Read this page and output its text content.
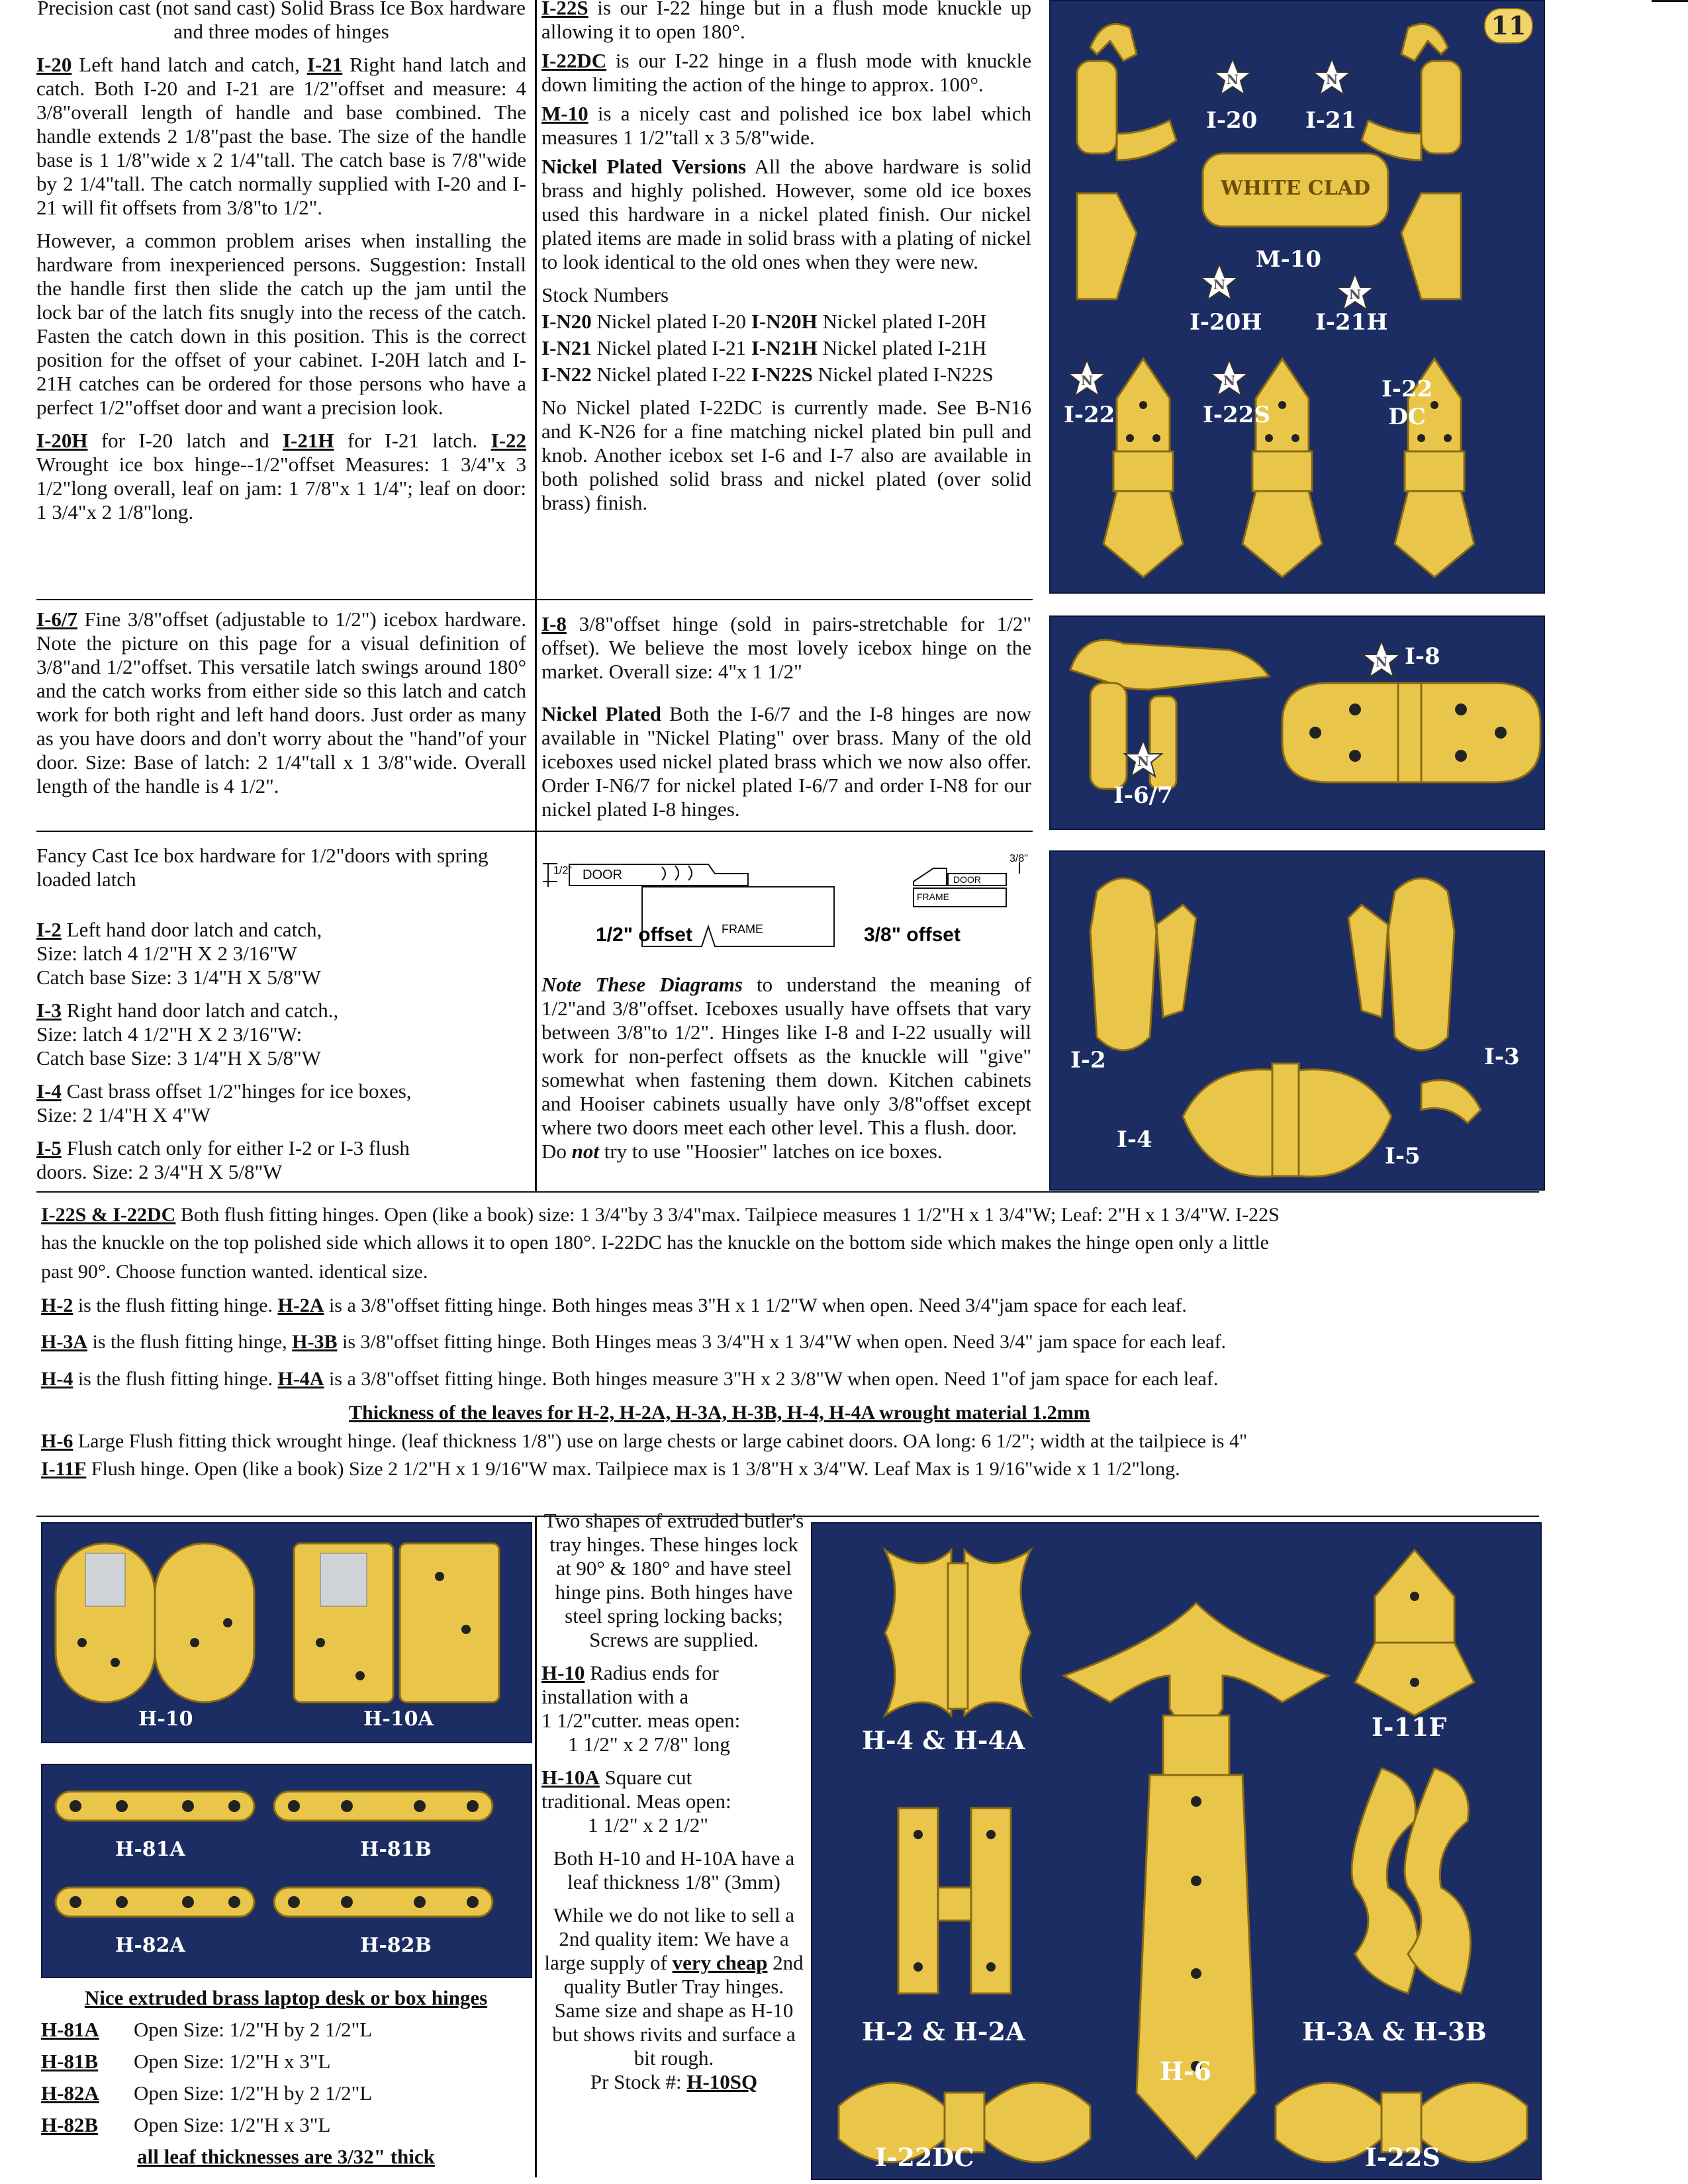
Precision cast (not sand cast) Solid Brass Ice Box hardware and three modes of hinges

I-20 Left hand latch and catch, I-21 Right hand latch and catch. Both I-20 and I-21 are 1/2"offset and measure: 4 3/8"overall length of handle and base combined. The handle extends 2 1/8"past the base. The size of the handle base is 1 1/8"wide x 2 1/4"tall. The catch base is 7/8"wide by 2 1/4"tall. The catch normally supplied with I-20 and I-21 will fit offsets from 3/8"to 1/2".

However, a common problem arises when installing the hardware from inexperienced persons. Suggestion: Install the handle first then slide the catch up the jam until the lock bar of the latch fits snugly into the recess of the catch. Fasten the catch down in this position. This is the correct position for the offset of your cabinet. I-20H latch and I-21H catches can be ordered for those persons who have a perfect 1/2"offset door and want a precision look.

I-20H for I-20 latch and I-21H for I-21 latch. I-22 Wrought ice box hinge--1/2"offset Measures: 1 3/4"x 3 1/2"long overall, leaf on jam: 1 7/8"x 1 1/4"; leaf on door: 1 3/4"x 2 1/8"long.

I-6/7 Fine 3/8"offset (adjustable to 1/2") icebox hardware. Note the picture on this page for a visual definition of 3/8"and 1/2"offset. This versatile latch swings around 180° and the catch works from either side so this latch and catch work for both right and left hand doors. Just order as many as you have doors and don't worry about the "hand"of your door. Size: Base of latch: 2 1/4"tall x 1 3/8"wide. Overall length of the handle is 4 1/2".

Fancy Cast Ice box hardware for 1/2"doors with spring loaded latch

I-2 Left hand door latch and catch,
Size: latch 4 1/2"H X 2 3/16"W
Catch base Size: 3 1/4"H X 5/8"W

I-3 Right hand door latch and catch.,
Size: latch 4 1/2"H X 2 3/16"W:
Catch base Size: 3 1/4"H X 5/8"W

I-4 Cast brass offset 1/2"hinges for ice boxes,
Size: 2 1/4"H X 4"W

I-5 Flush catch only for either I-2 or I-3 flush
doors. Size: 2 3/4"H X 5/8"W

I-22S is our I-22 hinge but in a flush mode knuckle up allowing it to open 180°.

I-22DC is our I-22 hinge in a flush mode with knuckle down limiting the action of the hinge to approx. 100°.

M-10 is a nicely cast and polished ice box label which measures 1 1/2"tall x 3 5/8"wide.

Nickel Plated Versions All the above hardware is solid brass and highly polished. However, some old ice boxes used this hardware in a nickel plated finish. Our nickel plated items are made in solid brass with a plating of nickel to look identical to the old ones when they were new.

Stock Numbers

I-N20 Nickel plated I-20 I-N20H Nickel plated I-20H
I-N21 Nickel plated I-21 I-N21H Nickel plated I-21H
I-N22 Nickel plated I-22 I-N22S Nickel plated I-N22S

No Nickel plated I-22DC is currently made. See B-N16 and K-N26 for a fine matching nickel plated bin pull and knob. Another icebox set I-6 and I-7 also are available in both polished solid brass and nickel plated (over solid brass) finish.

I-8 3/8"offset hinge (sold in pairs-stretchable for 1/2" offset). We believe the most lovely icebox hinge on the market. Overall size: 4"x 1 1/2"

Nickel Plated Both the I-6/7 and the I-8 hinges are now available in "Nickel Plating" over brass. Many of the old iceboxes used nickel plated brass which we now also offer. Order I-N6/7 for nickel plated I-6/7 and order I-N8 for our nickel plated I-8 hinges.

1/2" DOOR
FRAME
DOOR
FRAME
3/8"
1/2" offset	3/8" offset

Note These Diagrams to understand the meaning of 1/2"and 3/8"offset. Iceboxes usually have offsets that vary between 3/8"to 1/2". Hinges like I-8 and I-22 usually will work for non-perfect offsets as the knuckle will "give" somewhat when fastening them down. Kitchen cabinets and Hooiser cabinets usually have only 3/8"offset except where two doors meet each other level. This a flush. door.

Do not try to use "Hoosier" latches on ice boxes.

11
WHITE CLAD
I-20 I-21
M-10
I-20H I-21H
I-22	I-22S
I-22
DC
N	N
N
N
N	N
N
N
I-8
I-6/7
I-2	I-3
I-4
I-5
I-22S & I-22DC Both flush fitting hinges. Open (like a book) size: 1 3/4"by 3 3/4"max. Tailpiece measures 1 1/2"H x 1 3/4"W; Leaf: 2"H x 1 3/4"W. I-22S
has the knuckle on the top polished side which allows it to open 180°. I-22DC has the knuckle on the bottom side which makes the hinge open only a little
past 90°. Choose function wanted. identical size.
H-2 is the flush fitting hinge. H-2A is a 3/8"offset fitting hinge. Both hinges meas 3"H x 1 1/2"W when open. Need 3/4"jam space for each leaf.
H-3A is the flush fitting hinge, H-3B is 3/8"offset fitting hinge. Both Hinges meas 3 3/4"H x 1 3/4"W when open. Need 3/4" jam space for each leaf.
H-4 is the flush fitting hinge. H-4A is a 3/8"offset fitting hinge. Both hinges measure 3"H x 2 3/8"W when open. Need 1"of jam space for each leaf.
Thickness of the leaves for H-2, H-2A, H-3A, H-3B, H-4, H-4A wrought material 1.2mm
H-6 Large Flush fitting thick wrought hinge. (leaf thickness 1/8") use on large chests or large cabinet doors. OA long: 6 1/2"; width at the tailpiece is 4"
I-11F Flush hinge. Open (like a book) Size 2 1/2"H x 1 9/16"W max. Tailpiece max is 1 3/8"H x 3/4"W. Leaf Max is 1 9/16"wide x 1 1/2"long.
H-10	H-10A
H-81A	H-81B
H-82A	H-82B
Nice extruded brass laptop desk or box hinges
H-81A Open Size: 1/2"H by 2 1/2"L
H-81B Open Size: 1/2"H x 3"L
H-82A Open Size: 1/2"H by 2 1/2"L
H-82B Open Size: 1/2"H x 3"L
all leaf thicknesses are 3/32" thick
Two shapes of extruded butler's tray hinges. These hinges lock at 90° & 180° and have steel hinge pins. Both hinges have steel spring locking backs; Screws are supplied.
H-10 Radius ends for
installation with a
1 1/2"cutter. meas open:
1 1/2" x 2 7/8" long
H-10A Square cut
traditional. Meas open:
1 1/2" x 2 1/2"
Both H-10 and H-10A have a leaf thickness 1/8" (3mm)
While we do not like to sell a 2nd quality item: We have a large supply of very cheap 2nd quality Butler Tray hinges. Same size and shape as H-10 but shows rivits and surface a bit rough.
Pr Stock #: H-10SQ
H-4 & H-4A	I-11F
H-2 & H-2A	H-3A & H-3B
H-6
I-22DC	I-22S
